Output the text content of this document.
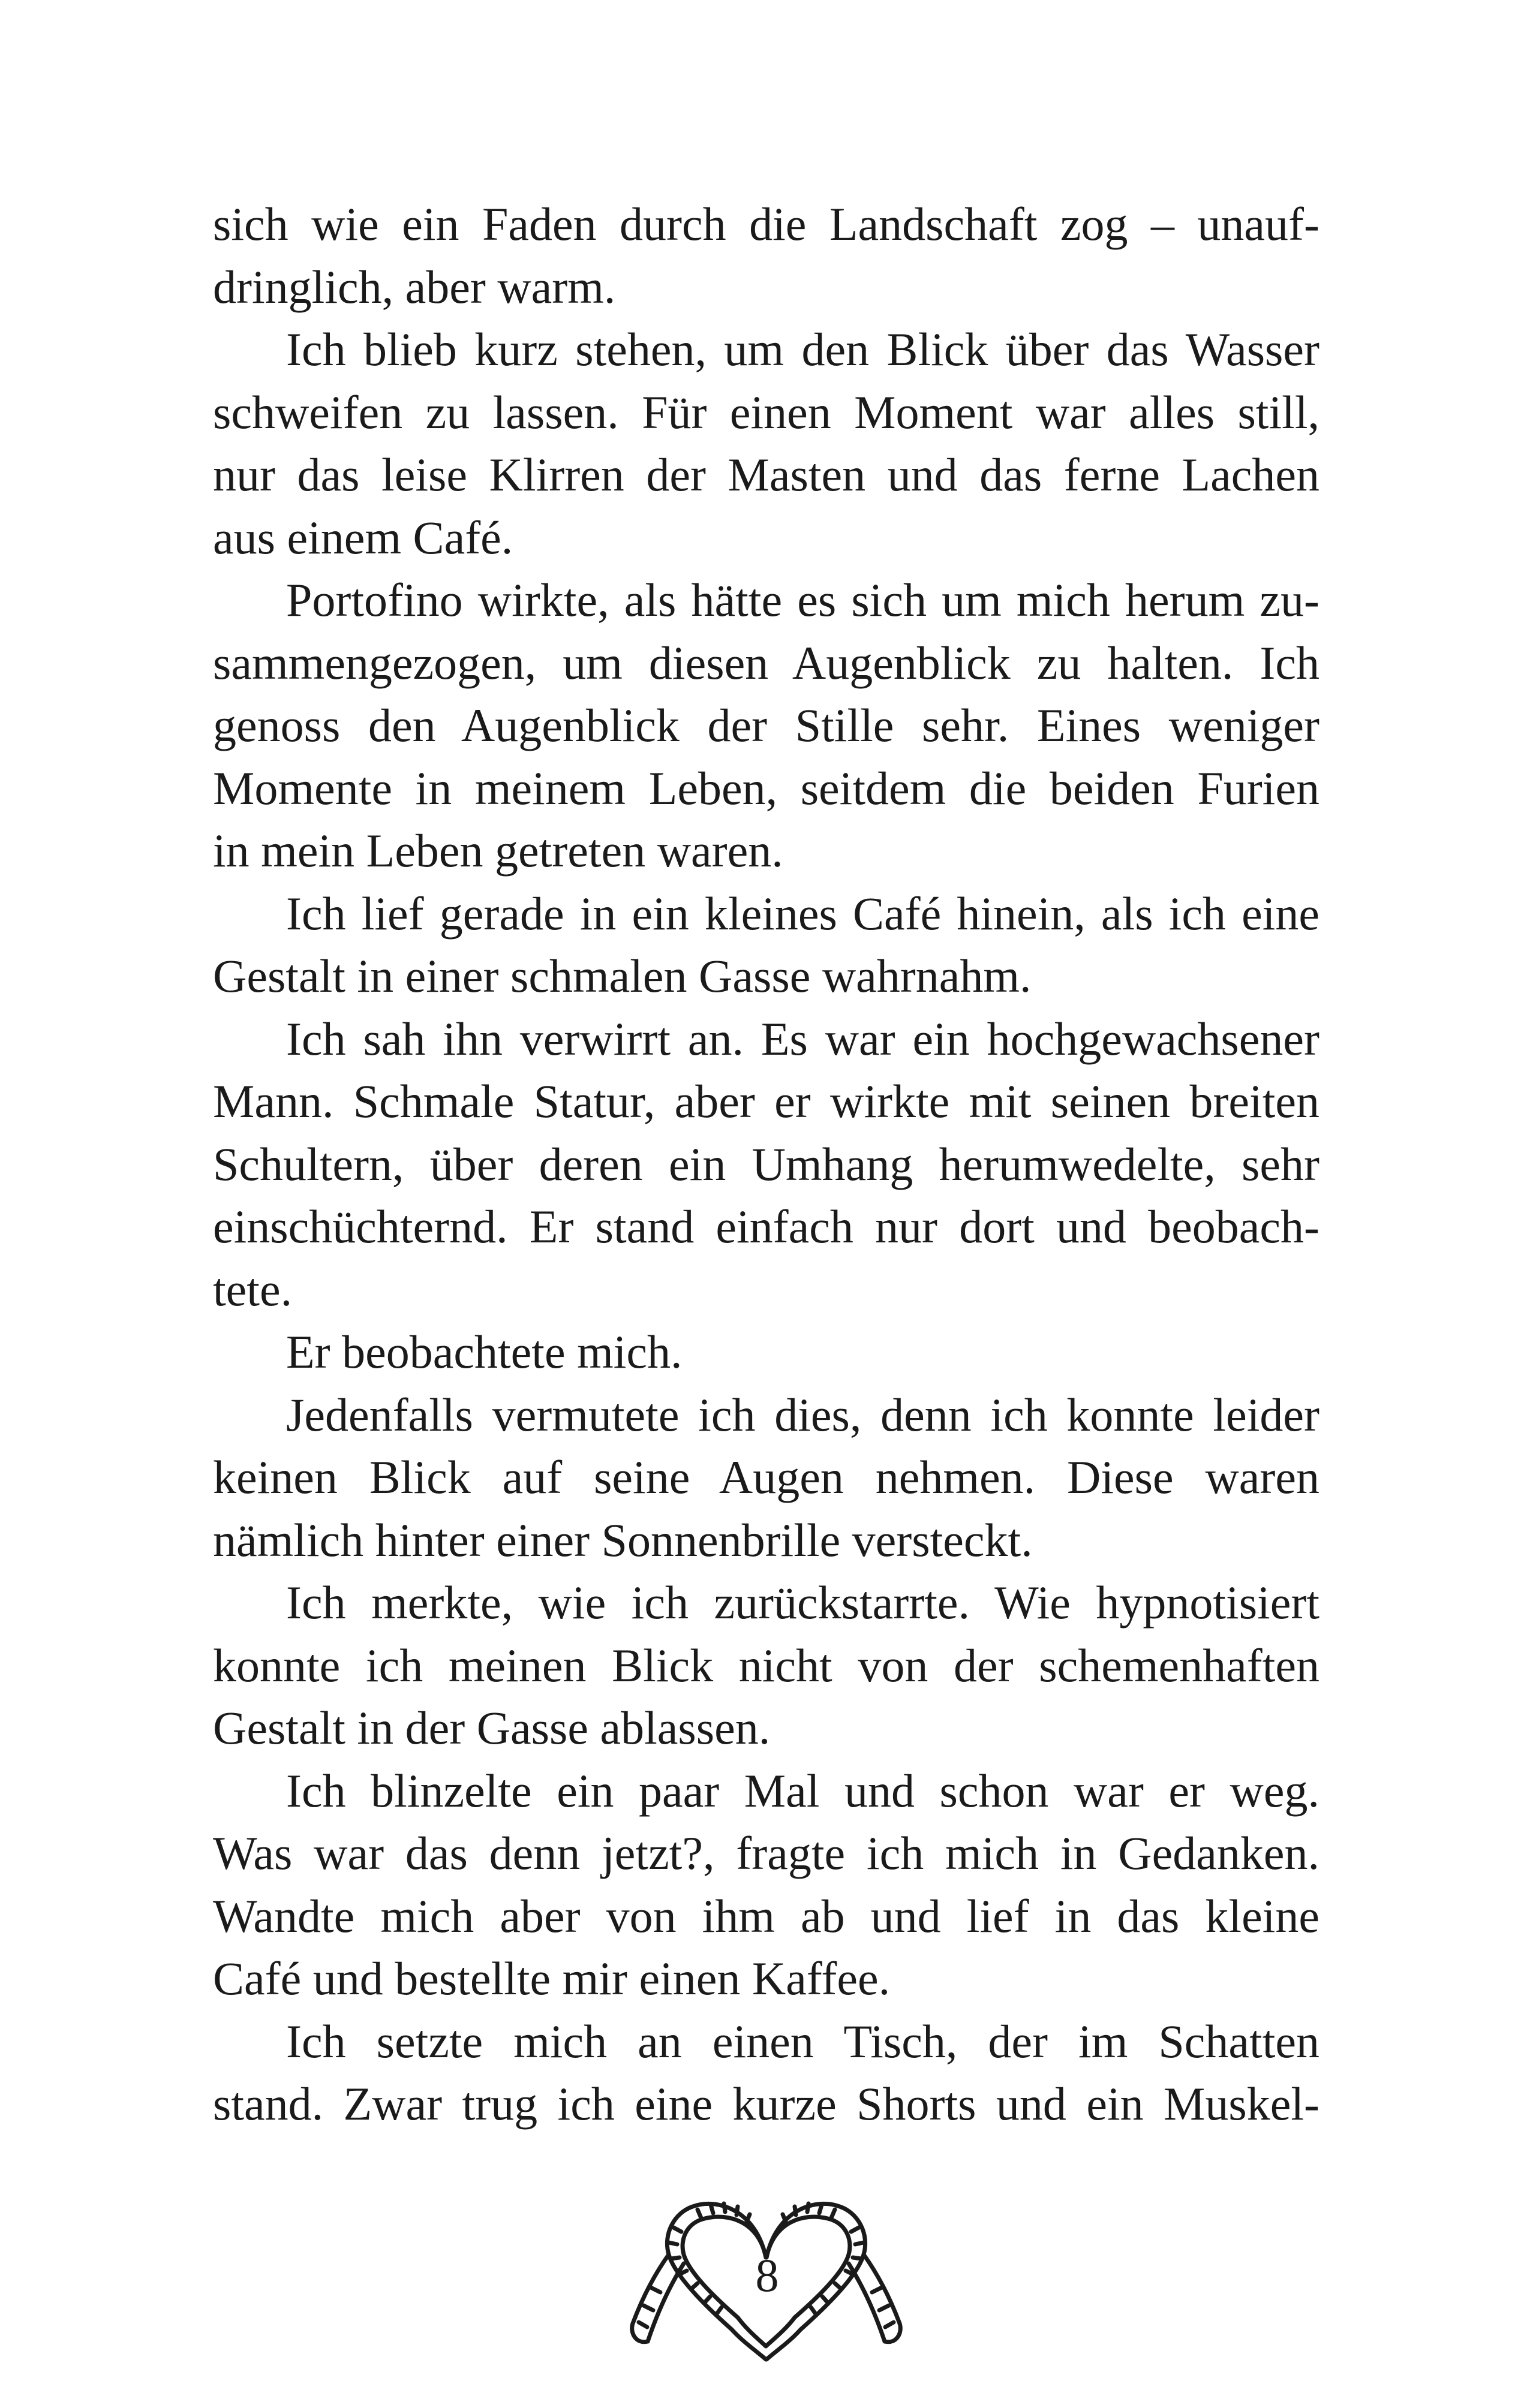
sich wie ein Faden durch die Landschaft zog – unauf-
dringlich, aber warm.
Ich blieb kurz stehen, um den Blick über das Wasser
schweifen zu lassen. Für einen Moment war alles still,
nur das leise Klirren der Masten und das ferne Lachen
aus einem Café.
Portofino wirkte, als hätte es sich um mich herum zu-
sammengezogen, um diesen Augenblick zu halten. Ich
genoss den Augenblick der Stille sehr. Eines weniger
Momente in meinem Leben, seitdem die beiden Furien
in mein Leben getreten waren.
Ich lief gerade in ein kleines Café hinein, als ich eine
Gestalt in einer schmalen Gasse wahrnahm.
Ich sah ihn verwirrt an. Es war ein hochgewachsener
Mann. Schmale Statur, aber er wirkte mit seinen breiten
Schultern, über deren ein Umhang herumwedelte, sehr
einschüchternd. Er stand einfach nur dort und beobach-
tete.
Er beobachtete mich.
Jedenfalls vermutete ich dies, denn ich konnte leider
keinen Blick auf seine Augen nehmen. Diese waren
nämlich hinter einer Sonnenbrille versteckt.
Ich merkte, wie ich zurückstarrte. Wie hypnotisiert
konnte ich meinen Blick nicht von der schemenhaften
Gestalt in der Gasse ablassen.
Ich blinzelte ein paar Mal und schon war er weg.
Was war das denn jetzt?, fragte ich mich in Gedanken.
Wandte mich aber von ihm ab und lief in das kleine
Café und bestellte mir einen Kaffee.
Ich setzte mich an einen Tisch, der im Schatten
stand. Zwar trug ich eine kurze Shorts und ein Muskel-
8
